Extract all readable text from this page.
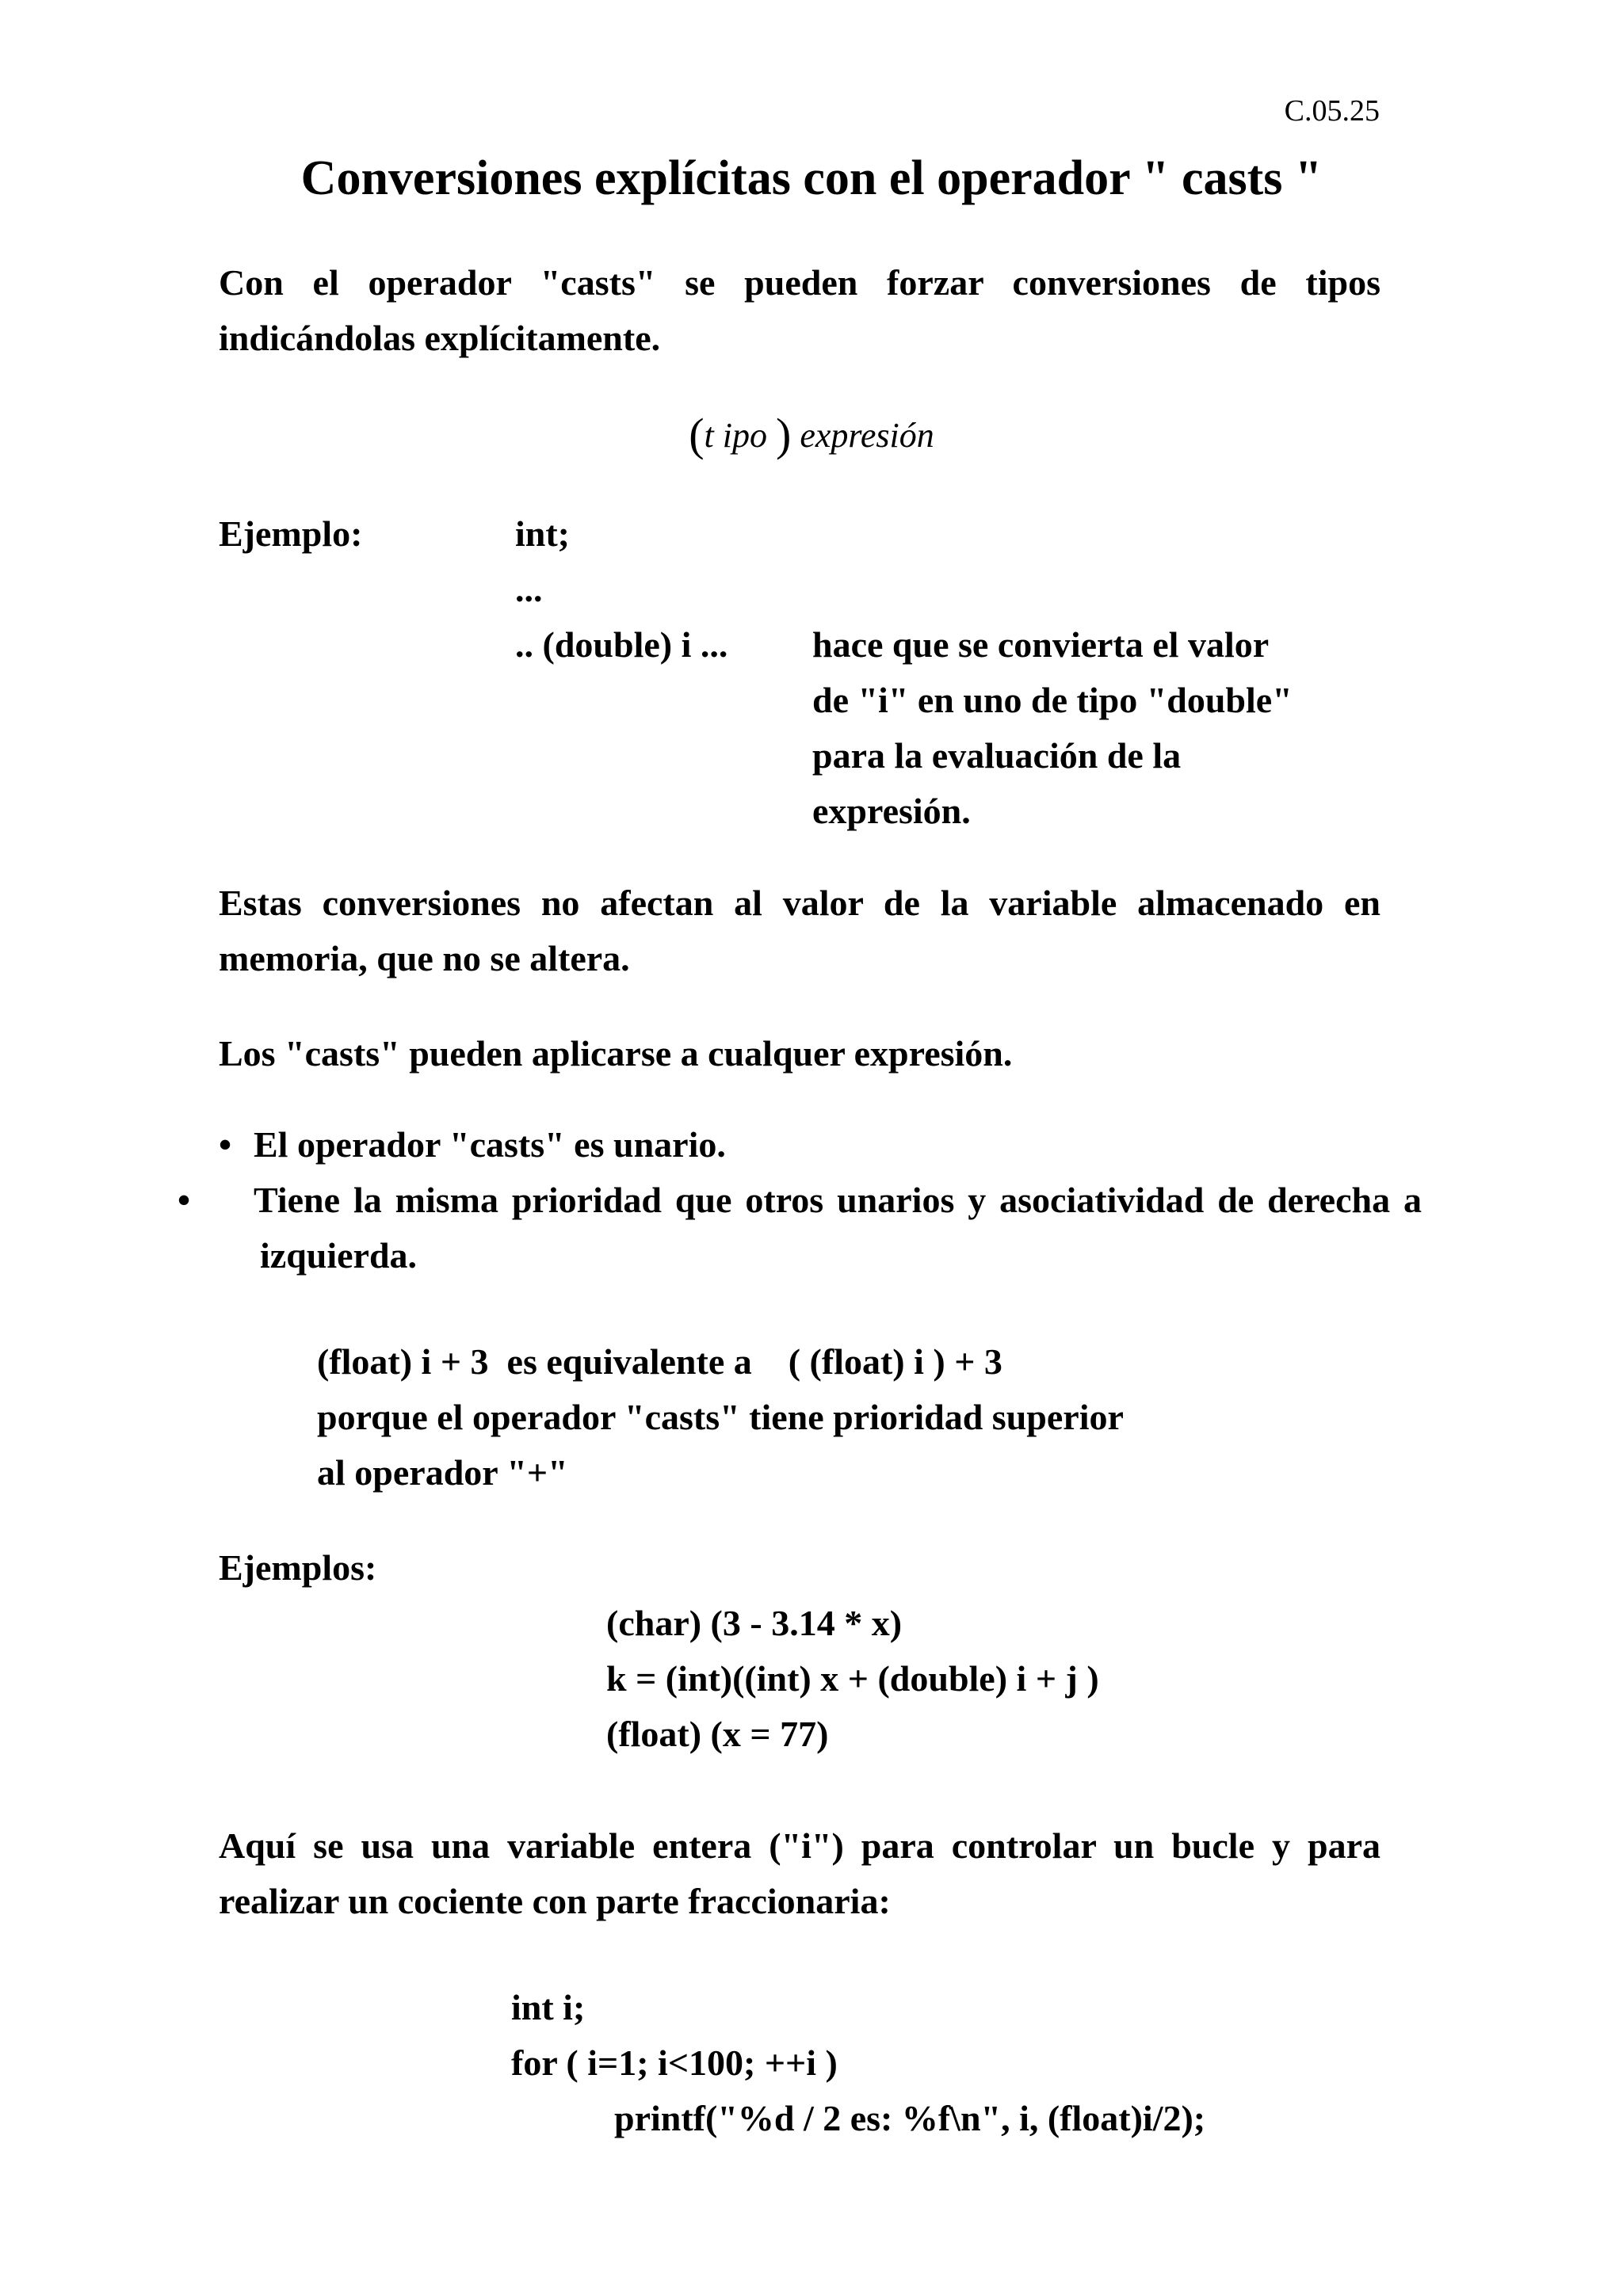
C.05.25
Conversiones explícitas con el operador " casts "

Con el operador "casts" se pueden forzar conversiones de tipos indicándolas explícitamente.

(t ipo ) expresión
Ejemplo:	int;
...
.. (double) i ... hace que se convierta el valor
de "i" en uno de tipo "double"
para la evaluación de la
expresión.

Estas conversiones no afectan al valor de la variable almacenado en memoria, que no se altera.

Los "casts" pueden aplicarse a cualquer expresión.

• El operador "casts" es unario.

• Tiene la misma prioridad que otros unarios y asociatividad de derecha a izquierda.

(float) i + 3  es equivalente a    ( (float) i ) + 3
porque el operador "casts" tiene prioridad superior
al operador "+"
Ejemplos:
(char) (3 - 3.14 * x)
k = (int)((int) x + (double) i + j )
(float) (x = 77)

Aquí se usa una variable entera ("i") para controlar un bucle y para realizar un cociente con parte fraccionaria:

int i;
for ( i=1; i<100; ++i )
printf("%d / 2 es: %f\n", i, (float)i/2);
